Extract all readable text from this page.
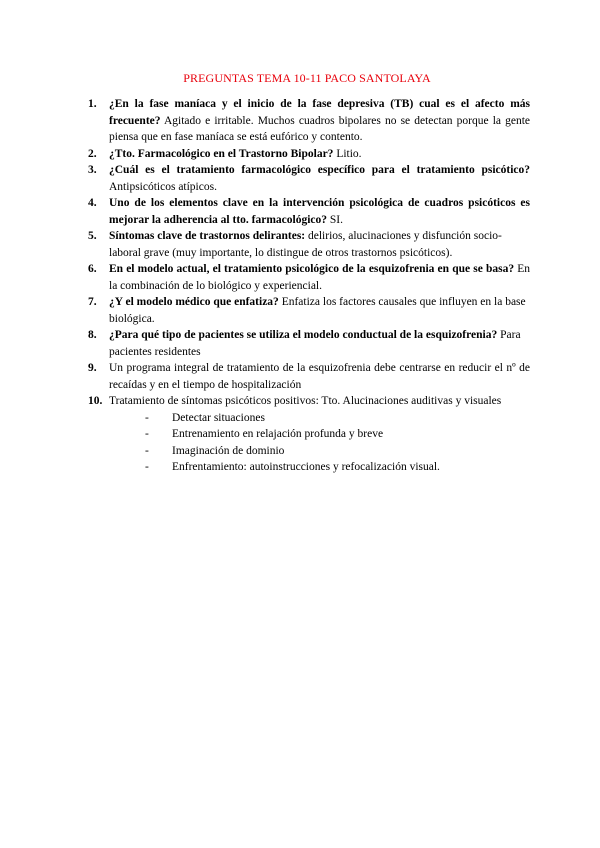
PREGUNTAS TEMA 10-11 PACO SANTOLAYA
1. ¿En la fase maníaca y el inicio de la fase depresiva (TB) cual es el afecto más frecuente? Agitado e irritable. Muchos cuadros bipolares no se detectan porque la gente piensa que en fase maníaca se está eufórico y contento.
2. ¿Tto. Farmacológico en el Trastorno Bipolar? Litio.
3. ¿Cuál es el tratamiento farmacológico específico para el tratamiento psicótico? Antipsicóticos atípicos.
4. Uno de los elementos clave en la intervención psicológica de cuadros psicóticos es mejorar la adherencia al tto. farmacológico? SI.
5. Síntomas clave de trastornos delirantes: delirios, alucinaciones y disfunción socio-laboral grave (muy importante, lo distingue de otros trastornos psicóticos).
6. En el modelo actual, el tratamiento psicológico de la esquizofrenia en que se basa? En la combinación de lo biológico y experiencial.
7. ¿Y el modelo médico que enfatiza? Enfatiza los factores causales que influyen en la base biológica.
8. ¿Para qué tipo de pacientes se utiliza el modelo conductual de la esquizofrenia? Para pacientes residentes
9. Un programa integral de tratamiento de la esquizofrenia debe centrarse en reducir el nº de recaídas y en el tiempo de hospitalización
10. Tratamiento de síntomas psicóticos positivos: Tto. Alucinaciones auditivas y visuales
- Detectar situaciones
- Entrenamiento en relajación profunda y breve
- Imaginación de dominio
- Enfrentamiento: autoinstrucciones y refocalización visual.
